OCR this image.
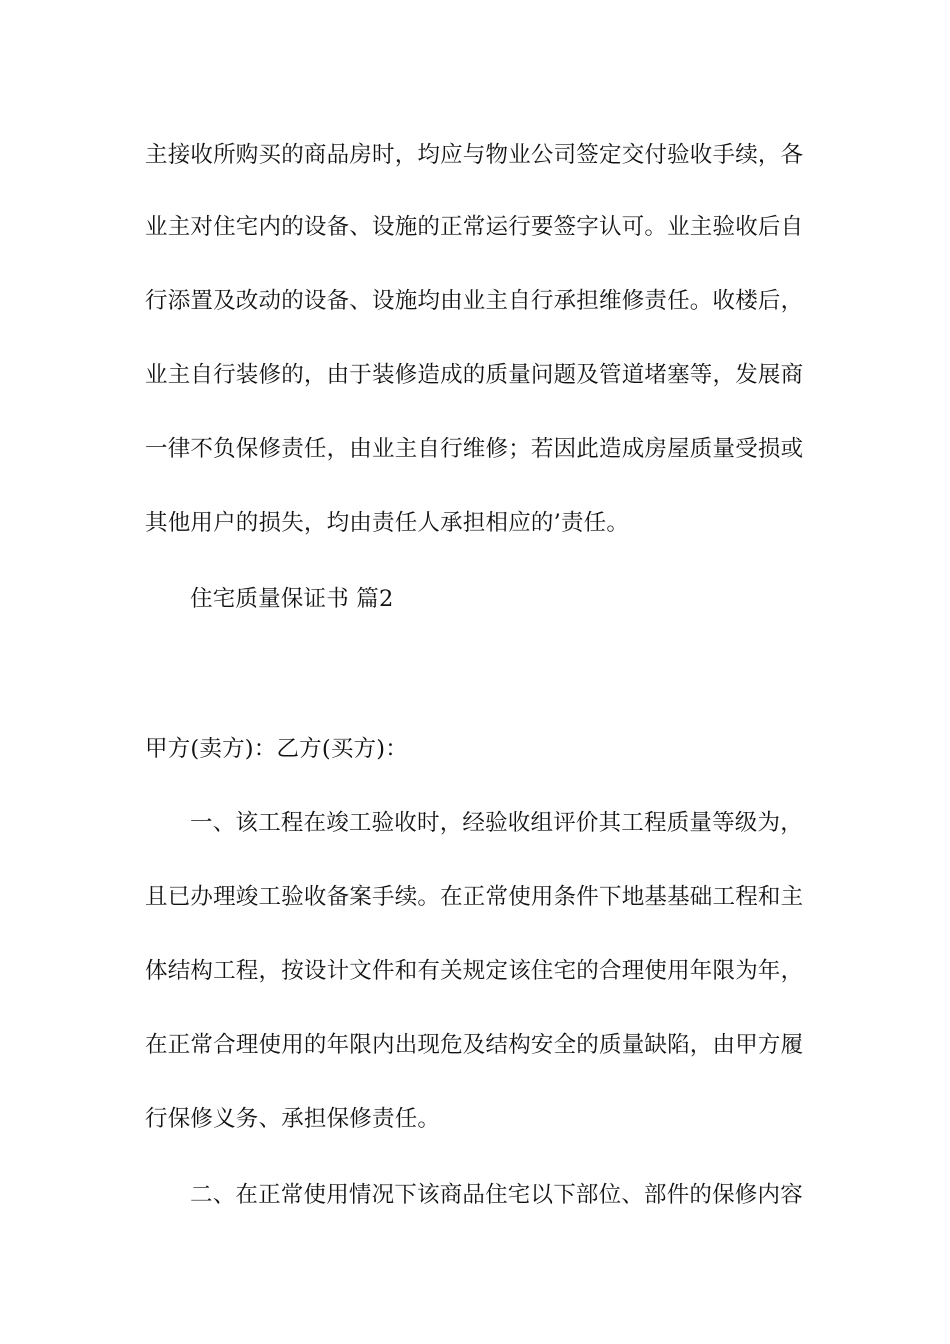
主接收所购买的商品房时，均应与物业公司签定交付验收手续，各
业主对住宅内的设备、设施的正常运行要签字认可。业主验收后自
行添置及改动的设备、设施均由业主自行承担维修责任。收楼后，
业主自行装修的，由于装修造成的质量问题及管道堵塞等，发展商
一律不负保修责任，由业主自行维修；若因此造成房屋质量受损或
其他用户的损失，均由责任人承担相应的’责任。
住宅质量保证书 篇2
甲方(卖方)：乙方(买方)：
一、该工程在竣工验收时，经验收组评价其工程质量等级为，
且已办理竣工验收备案手续。在正常使用条件下地基基础工程和主
体结构工程，按设计文件和有关规定该住宅的合理使用年限为年，
在正常合理使用的年限内出现危及结构安全的质量缺陷，由甲方履
行保修义务、承担保修责任。
二、在正常使用情况下该商品住宅以下部位、部件的保修内容
